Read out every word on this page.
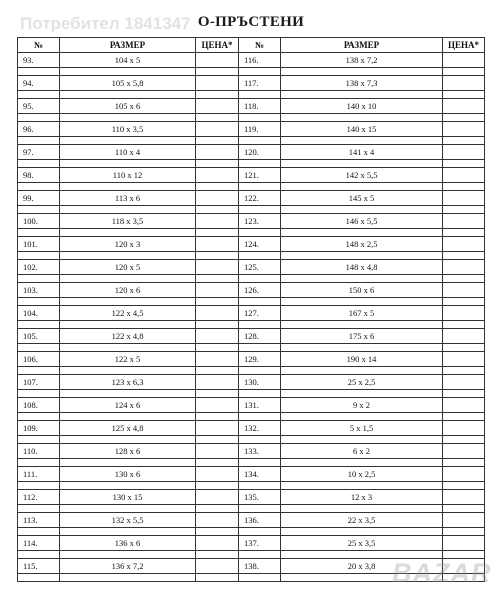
Потребител 1841347 О-ПРЪСТЕНИ
№	РАЗМЕР	ЦЕНА*	№	РАЗМЕР	ЦЕНА*
93.	104 x 5		116.	138 x 7,2	

94.	105 x 5,8		117.	138 x 7,3	

95.	105 x 6		118.	140 x 10	

96.	110 x 3,5		119.	140 x 15	

97.	110 x 4		120.	141 x 4	

98.	110 x 12		121.	142 x 5,5	

99.	113 x 6		122.	145 x 5	

100.	118 x 3,5		123.	146 x 5,5	

101.	120 x 3		124.	148 x 2,5	

102.	120 x 5		125.	148 x 4,8	

103.	120 x 6		126.	150 x 6	

104.	122 x 4,5		127.	167 x 5	

105.	122 x 4,8		128.	175 x 6	

106.	122 x 5		129.	190 x 14	

107.	123 x 6,3		130.	25 x 2,5	

108.	124 x 6		131.	9 x 2	

109.	125 x 4,8		132.	5 x 1,5	

110.	128 x 6		133.	6 x 2	

111.	130 x 6		134.	10 x 2,5	

112.	130 x 15		135.	12 x 3	

113.	132 x 5,5		136.	22 x 3,5	

114.	136 x 6		137.	25 x 3,5	

115.	136 x 7,2		138.	20 x 3,8	
					BAZAR
